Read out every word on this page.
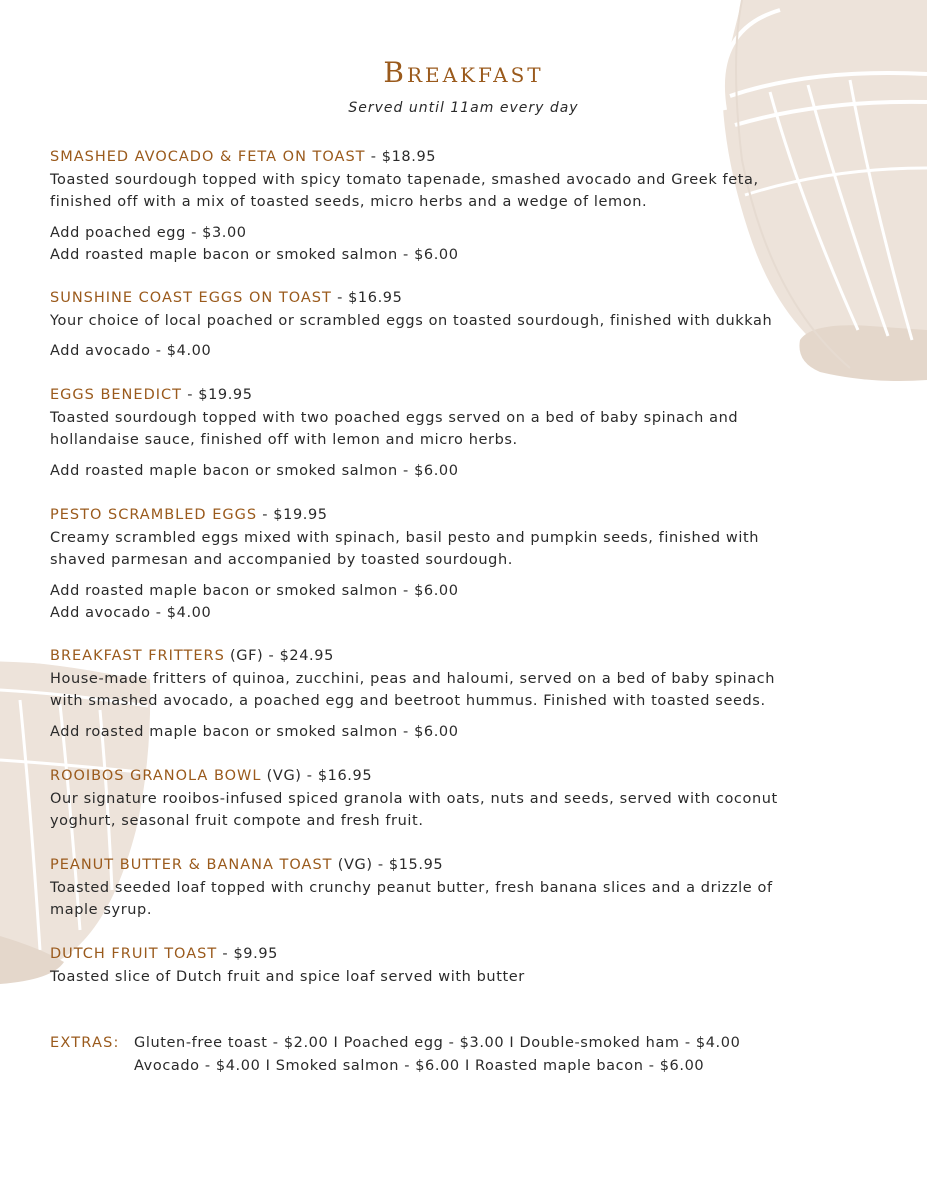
Breakfast
Served until 11am every day
SMASHED AVOCADO & FETA ON TOAST - $18.95
Toasted sourdough topped with spicy tomato tapenade, smashed avocado and Greek feta,
finished off with a mix of toasted seeds, micro herbs and a wedge of lemon.
Add poached egg - $3.00
Add roasted maple bacon or smoked salmon - $6.00
SUNSHINE COAST EGGS ON TOAST - $16.95
Your choice of local poached or scrambled eggs on toasted sourdough, finished with dukkah
Add avocado - $4.00
EGGS BENEDICT - $19.95
Toasted sourdough topped with two poached eggs served on a bed of baby spinach and
hollandaise sauce, finished off with lemon and micro herbs.
Add roasted maple bacon or smoked salmon - $6.00
PESTO SCRAMBLED EGGS - $19.95
Creamy scrambled eggs mixed with spinach, basil pesto and pumpkin seeds, finished with
shaved parmesan and accompanied by toasted sourdough.
Add roasted maple bacon or smoked salmon - $6.00
Add avocado - $4.00
BREAKFAST FRITTERS (GF) - $24.95
House-made fritters of quinoa, zucchini, peas and haloumi, served on a bed of baby spinach
with smashed avocado, a poached egg and beetroot hummus. Finished with toasted seeds.
Add roasted maple bacon or smoked salmon - $6.00
ROOIBOS GRANOLA BOWL (VG) - $16.95
Our signature rooibos-infused spiced granola with oats, nuts and seeds, served with coconut
yoghurt, seasonal fruit compote and fresh fruit.
PEANUT BUTTER & BANANA TOAST (VG) - $15.95
Toasted seeded loaf topped with crunchy peanut butter, fresh banana slices and a drizzle of
maple syrup.
DUTCH FRUIT TOAST - $9.95
Toasted slice of Dutch fruit and spice loaf served with butter
EXTRAS: Gluten-free toast - $2.00 I Poached egg - $3.00 I Double-smoked ham - $4.00
Avocado - $4.00 I Smoked salmon - $6.00 I Roasted maple bacon - $6.00
